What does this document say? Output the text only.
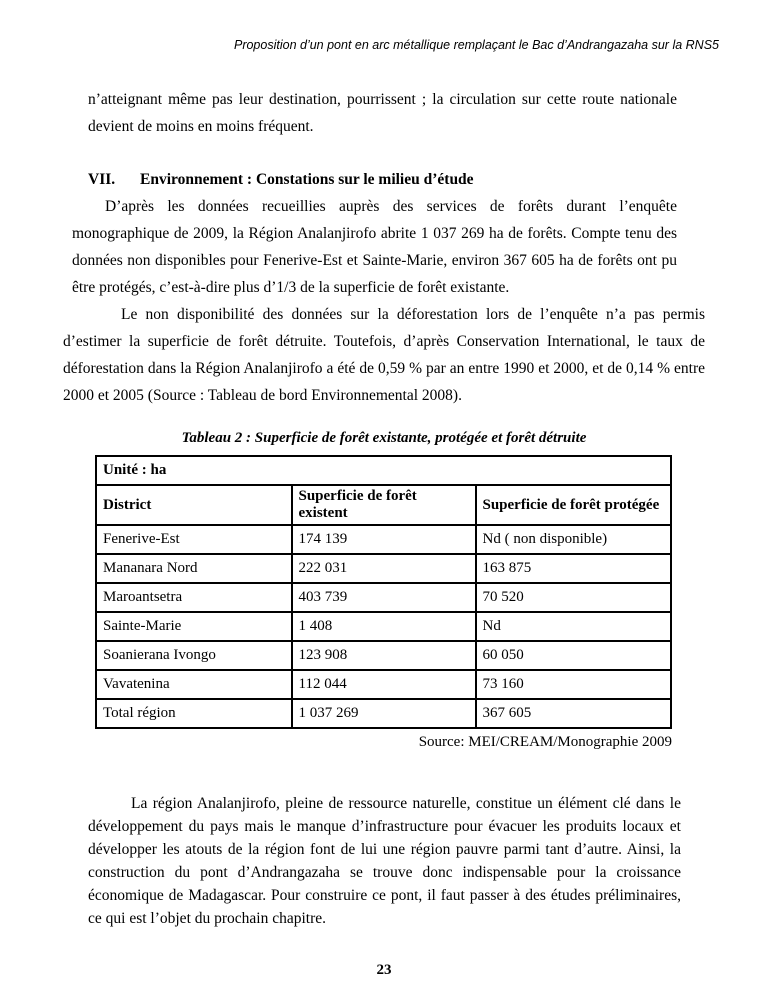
Proposition d’un pont en arc métallique remplaçant le Bac d’Andrangazaha sur la RNS5

n’atteignant même pas leur destination, pourrissent ; la circulation sur cette route nationale devient de moins en moins fréquent.

VII. Environnement : Constations sur le milieu d’étude

D’après les données recueillies auprès des services de forêts durant l’enquête monographique de 2009, la Région Analanjirofo abrite 1 037 269 ha de forêts. Compte tenu des données non disponibles pour Fenerive-Est et Sainte-Marie, environ 367 605 ha de forêts ont pu être protégés, c’est-à-dire plus d’1/3 de la superficie de forêt existante.

Le non disponibilité des données sur la déforestation lors de l’enquête n’a pas permis d’estimer la superficie de forêt détruite. Toutefois, d’après Conservation International, le taux de déforestation dans la Région Analanjirofo a été de 0,59 % par an entre 1990 et 2000, et de 0,14 % entre 2000 et 2005 (Source : Tableau de bord Environnemental 2008).

Tableau 2 : Superficie de forêt existante, protégée et forêt détruite
Unité : ha		
District	Superficie de forêt existent	Superficie de forêt protégée
Fenerive-Est	174 139	Nd ( non disponible)
Mananara Nord	222 031	163 875
Maroantsetra	403 739	70 520
Sainte-Marie	1 408	Nd
Soanierana Ivongo	123 908	60 050
Vavatenina	112 044	73 160
Total région	1 037 269	367 605
Source: MEI/CREAM/Monographie 2009

La région Analanjirofo, pleine de ressource naturelle, constitue un élément clé dans le développement du pays mais le manque d’infrastructure pour évacuer les produits locaux et développer les atouts de la région font de lui une région pauvre parmi tant d’autre. Ainsi, la construction du pont d’Andrangazaha se trouve donc indispensable pour la croissance économique de Madagascar. Pour construire ce pont, il faut passer à des études préliminaires, ce qui est l’objet du prochain chapitre.

23
